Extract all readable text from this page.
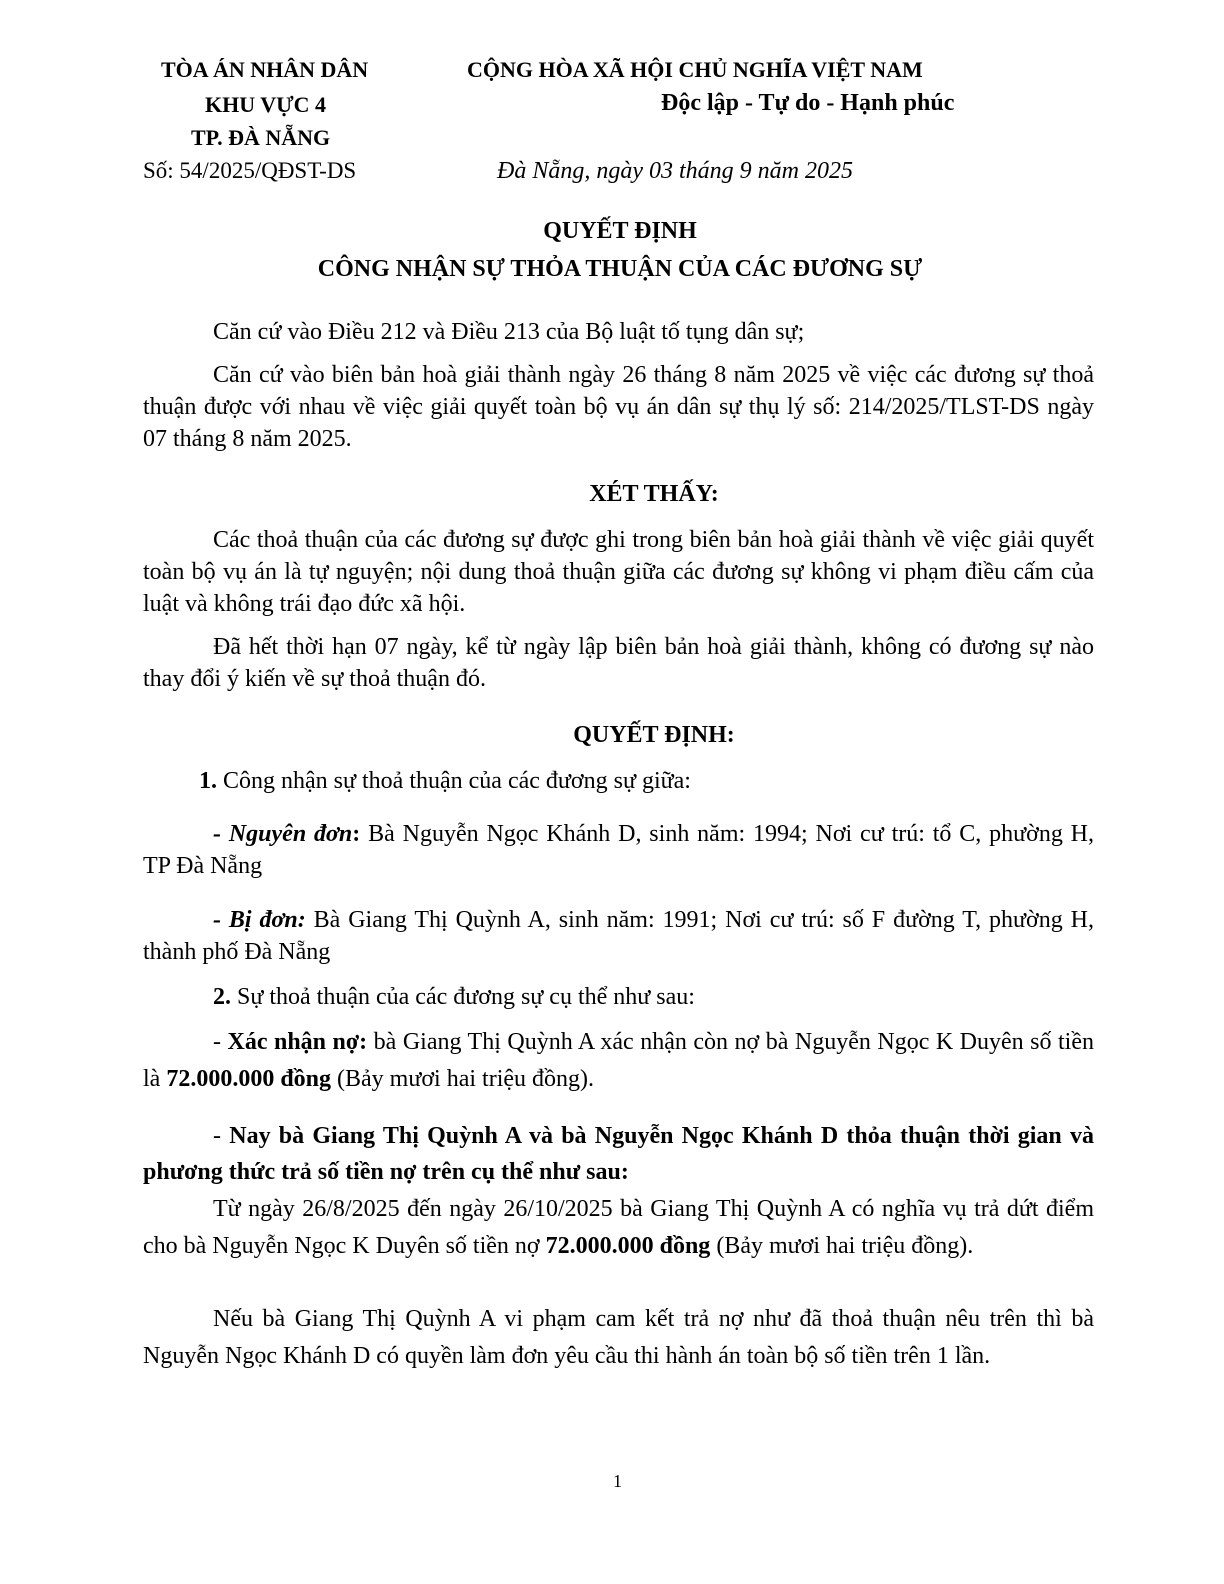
TÒA ÁN NHÂN DÂN
KHU VỰC 4
TP. ĐÀ NẴNG
CỘNG HÒA XÃ HỘI CHỦ NGHĨA VIỆT NAM
Độc lập - Tự do - Hạnh phúc
Số: 54/2025/QĐST-DS	Đà Nẵng, ngày 03 tháng 9 năm 2025
QUYẾT ĐỊNH
CÔNG NHẬN SỰ THỎA THUẬN CỦA CÁC ĐƯƠNG SỰ
Căn cứ vào Điều 212 và Điều 213 của Bộ luật tố tụng dân sự;
Căn cứ vào biên bản hoà giải thành ngày 26 tháng 8 năm 2025 về việc các đương sự thoả thuận được với nhau về việc giải quyết toàn bộ vụ án dân sự thụ lý số: 214/2025/TLST-DS ngày 07 tháng 8 năm 2025.
XÉT THẤY:
Các thoả thuận của các đương sự được ghi trong biên bản hoà giải thành về việc giải quyết toàn bộ vụ án là tự nguyện; nội dung thoả thuận giữa các đương sự không vi phạm điều cấm của luật và không trái đạo đức xã hội.
Đã hết thời hạn 07 ngày, kể từ ngày lập biên bản hoà giải thành, không có đương sự nào thay đổi ý kiến về sự thoả thuận đó.
QUYẾT ĐỊNH:
1. Công nhận sự thoả thuận của các đương sự giữa:
- Nguyên đơn: Bà Nguyễn Ngọc Khánh D, sinh năm: 1994; Nơi cư trú: tổ C, phường H, TP Đà Nẵng
- Bị đơn: Bà Giang Thị Quỳnh A, sinh năm: 1991; Nơi cư trú: số F đường T, phường H, thành phố Đà Nẵng
2. Sự thoả thuận của các đương sự cụ thể như sau:
- Xác nhận nợ: bà Giang Thị Quỳnh A xác nhận còn nợ bà Nguyễn Ngọc K Duyên số tiền là 72.000.000 đồng (Bảy mươi hai triệu đồng).
- Nay bà Giang Thị Quỳnh A và bà Nguyễn Ngọc Khánh D thỏa thuận thời gian và phương thức trả số tiền nợ trên cụ thể như sau:
Từ ngày 26/8/2025 đến ngày 26/10/2025 bà Giang Thị Quỳnh A có nghĩa vụ trả dứt điểm cho bà Nguyễn Ngọc K Duyên số tiền nợ 72.000.000 đồng (Bảy mươi hai triệu đồng).
Nếu bà Giang Thị Quỳnh A vi phạm cam kết trả nợ như đã thoả thuận nêu trên thì bà Nguyễn Ngọc Khánh D có quyền làm đơn yêu cầu thi hành án toàn bộ số tiền trên 1 lần.
1
